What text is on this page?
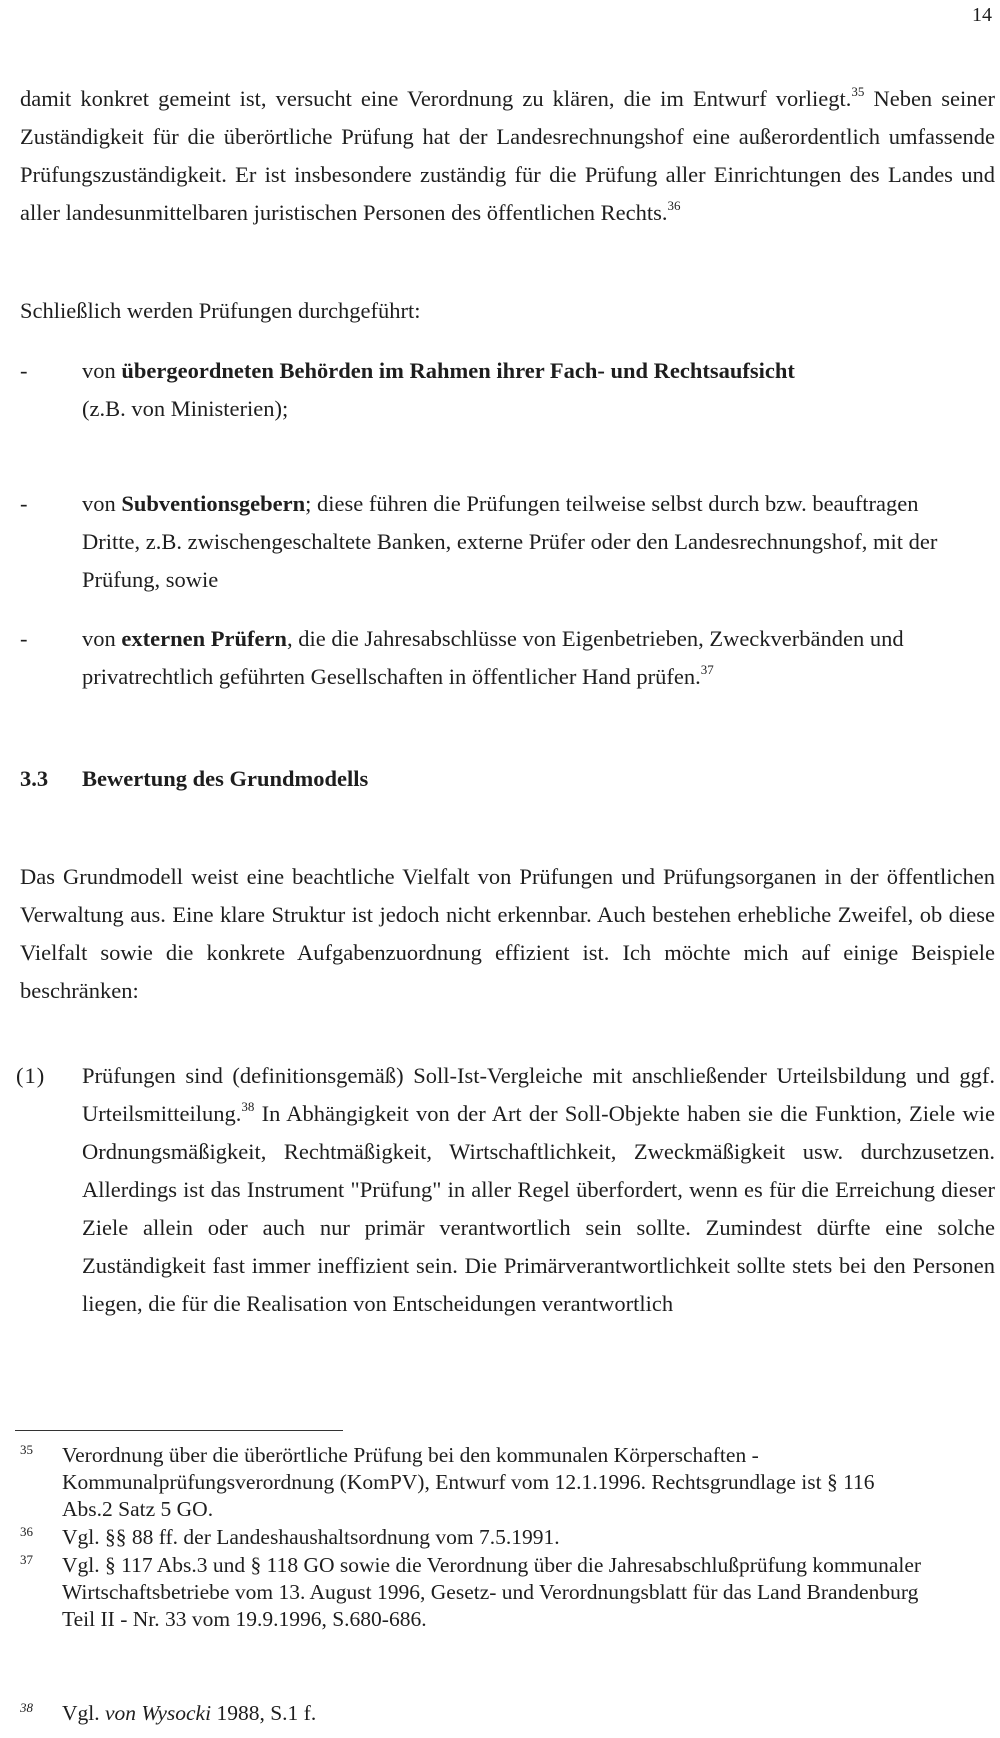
14

damit konkret gemeint ist, versucht eine Verordnung zu klären, die im Entwurf vorliegt.$^{35}$ Neben seiner Zuständigkeit für die überörtliche Prüfung hat der Landesrechnungshof eine außerordentlich umfassende Prüfungszuständigkeit. Er ist insbesondere zuständig für die Prüfung aller Einrichtungen des Landes und aller landesunmittelbaren juristischen Personen des öffentlichen Rechts.$^{36}$

Schließlich werden Prüfungen durchgeführt:

- von übergeordneten Behörden im Rahmen ihrer Fach- und Rechtsaufsicht
(z.B. von Ministerien);
- von Subventionsgebern; diese führen die Prüfungen teilweise selbst durch bzw. beauftragen Dritte, z.B. zwischengeschaltete Banken, externe Prüfer oder den Landesrechnungshof, mit der Prüfung, sowie
- von externen Prüfern, die die Jahresabschlüsse von Eigenbetrieben, Zweckverbänden und privatrechtlich geführten Gesellschaften in öffentlicher Hand prüfen.$^{37}$
3.3 Bewertung des Grundmodells

Das Grundmodell weist eine beachtliche Vielfalt von Prüfungen und Prüfungsorganen in der öffentlichen Verwaltung aus. Eine klare Struktur ist jedoch nicht erkennbar. Auch bestehen erhebliche Zweifel, ob diese Vielfalt sowie die konkrete Aufgabenzuordnung effizient ist. Ich möchte mich auf einige Beispiele beschränken:

(1) Prüfungen sind (definitionsgemäß) Soll-Ist-Vergleiche mit anschließender Urteilsbildung und ggf. Urteilsmitteilung.$^{38}$ In Abhängigkeit von der Art der Soll-Objekte haben sie die Funktion, Ziele wie Ordnungsmäßigkeit, Rechtmäßigkeit, Wirtschaftlichkeit, Zweckmäßigkeit usw. durchzusetzen. Allerdings ist das Instrument "Prüfung" in aller Regel überfordert, wenn es für die Erreichung dieser Ziele allein oder auch nur primär verantwortlich sein sollte. Zumindest dürfte eine solche Zuständigkeit fast immer ineffizient sein. Die Primärverantwortlichkeit sollte stets bei den Personen liegen, die für die Realisation von Entscheidungen verantwortlich
35 Verordnung über die überörtliche Prüfung bei den kommunalen Körperschaften - Kommunalprüfungsverordnung (KomPV), Entwurf vom 12.1.1996. Rechtsgrundlage ist § 116 Abs.2 Satz 5 GO.
36 Vgl. §§ 88 ff. der Landeshaushaltsordnung vom 7.5.1991.
37 Vgl. § 117 Abs.3 und § 118 GO sowie die Verordnung über die Jahresabschlußprüfung kommunaler Wirtschaftsbetriebe vom 13. August 1996, Gesetz- und Verordnungsblatt für das Land Brandenburg Teil II - Nr. 33 vom 19.9.1996, S.680-686.
38 Vgl. von Wysocki 1988, S.1 f.
